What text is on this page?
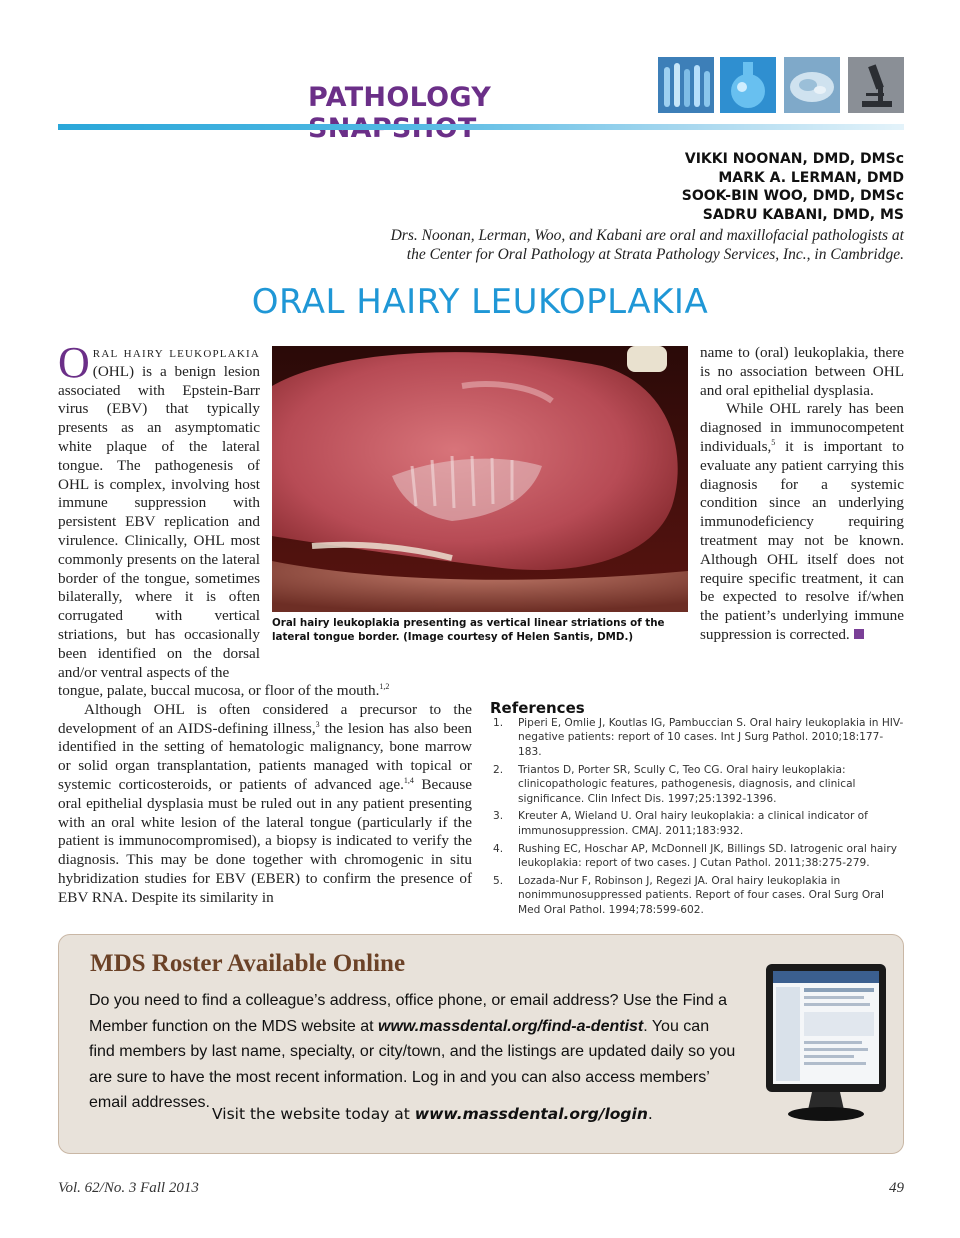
PATHOLOGY
VIKKI NOONAN, DMD, DMSc
MARK A. LERMAN, DMD
SOOK-BIN WOO, DMD, DMSc
SADRU KABANI, DMD, MS
Drs. Noonan, Lerman, Woo, and Kabani are oral and maxillofacial pathologists at
the Center for Oral Pathology at Strata Pathology Services, Inc., in Cambridge.
ORAL HAIRY LEUKOPLAKIA

Oral hairy leukoplakia (OHL) is a benign lesion associated with Epstein-Barr virus (EBV) that typically presents as an asymptomatic white plaque of the lateral tongue. The pathogenesis of OHL is complex, involving host immune suppression with persistent EBV replication and virulence. Clinically, OHL most commonly presents on the lateral border of the tongue, sometimes bilaterally, where it is often corrugated with vertical striations, but has occasionally been identified on the dorsal and/or ventral aspects of the

tongue, palate, buccal mucosa, or floor of the mouth.$^{1,2}$

Although OHL is often considered a precursor to the development of an AIDS-defining illness,$^3$ the lesion has also been identified in the setting of hematologic malignancy, bone marrow or solid organ transplantation, patients managed with topical or systemic corticosteroids, or patients of advanced age.$^{1,4}$ Because oral epithelial dysplasia must be ruled out in any patient presenting with an oral white lesion of the lateral tongue (particularly if the patient is immunocompromised), a biopsy is indicated to verify the diagnosis. This may be done together with chromogenic in situ hybridization studies for EBV (EBER) to confirm the presence of EBV RNA. Despite its similarity in

name to (oral) leukoplakia, there is no association between OHL and oral epithelial dysplasia.

While OHL rarely has been diagnosed in immunocompetent individuals,$^5$ it is important to evaluate any patient carrying this diagnosis for a systemic condition since an underlying immunodeficiency requiring treatment may not be known. Although OHL itself does not require specific treatment, it can be expected to resolve if/when the patient’s underlying immune suppression is corrected.

Oral hairy leukoplakia presenting as vertical linear striations of the lateral tongue border. (Image courtesy of Helen Santis, DMD.)
References
1. Piperi E, Omlie J, Koutlas IG, Pambuccian S. Oral hairy leukoplakia in HIV-negative patients: report of 10 cases. Int J Surg Pathol. 2010;18:177-183.
2. Triantos D, Porter SR, Scully C, Teo CG. Oral hairy leukoplakia: clinicopathologic features, pathogenesis, diagnosis, and clinical significance. Clin Infect Dis. 1997;25:1392-1396.
3. Kreuter A, Wieland U. Oral hairy leukoplakia: a clinical indicator of immunosuppression. CMAJ. 2011;183:932.
4. Rushing EC, Hoschar AP, McDonnell JK, Billings SD. Iatrogenic oral hairy leukoplakia: report of two cases. J Cutan Pathol. 2011;38:275-279.
5. Lozada-Nur F, Robinson J, Regezi JA. Oral hairy leukoplakia in nonimmunosuppressed patients. Report of four cases. Oral Surg Oral Med Oral Pathol. 1994;78:599-602.
MDS Roster Available Online
Do you need to find a colleague’s address, office phone, or email address? Use the Find a Member function on the MDS website at www.massdental.org/find-a-dentist. You can find members by last name, specialty, or city/town, and the listings are updated daily so you are sure to have the most recent information. Log in and you can also access members’ email addresses.
Visit the website today at www.massdental.org/login.
Vol. 62/No. 3 Fall 2013	49
